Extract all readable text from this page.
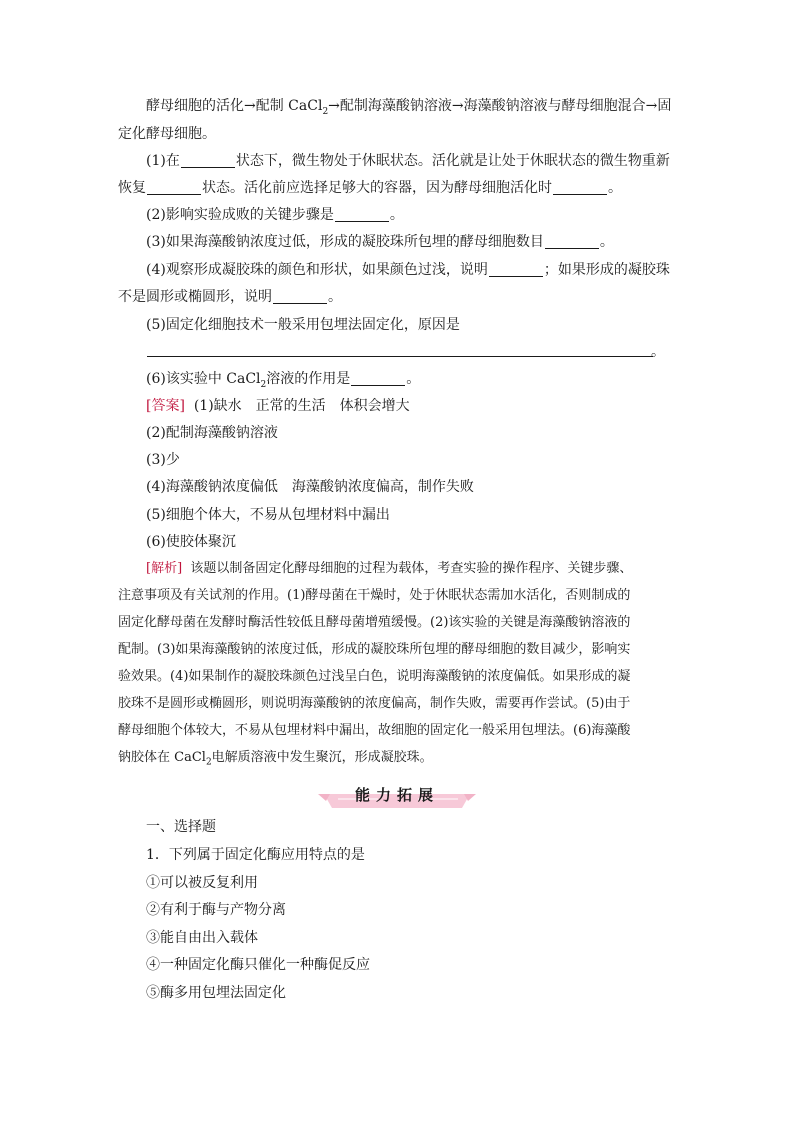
酵母细胞的活化→配制 CaCl$_2$→配制海藻酸钠溶液→海藻酸钠溶液与酵母细胞混合→固
定化酵母细胞。
(1)在	状态下，微生物处于休眠状态。活化就是让处于休眠状态的微生物重新
恢复	状态。活化前应选择足够大的容器，因为酵母细胞活化时	。
(2)影响实验成败的关键步骤是	。
(3)如果海藻酸钠浓度过低，形成的凝胶珠所包埋的酵母细胞数目	。
(4)观察形成凝胶珠的颜色和形状，如果颜色过浅，说明	；如果形成的凝胶珠
不是圆形或椭圆形，说明	。
(5)固定化细胞技术一般采用包埋法固定化，原因是
。
(6)该实验中 CaCl$_2$溶液的作用是	。
[答案] (1)缺水　正常的生活　体积会增大
(2)配制海藻酸钠溶液
(3)少
(4)海藻酸钠浓度偏低　海藻酸钠浓度偏高，制作失败
(5)细胞个体大，不易从包埋材料中漏出
(6)使胶体聚沉
[解析] 该题以制备固定化酵母细胞的过程为载体，考查实验的操作程序、关键步骤、
注意事项及有关试剂的作用。(1)酵母菌在干燥时，处于休眠状态需加水活化，否则制成的
固定化酵母菌在发酵时酶活性较低且酵母菌增殖缓慢。(2)该实验的关键是海藻酸钠溶液的
配制。(3)如果海藻酸钠的浓度过低，形成的凝胶珠所包埋的酵母细胞的数目减少，影响实
验效果。(4)如果制作的凝胶珠颜色过浅呈白色，说明海藻酸钠的浓度偏低。如果形成的凝
胶珠不是圆形或椭圆形，则说明海藻酸钠的浓度偏高，制作失败，需要再作尝试。(5)由于
酵母细胞个体较大，不易从包埋材料中漏出，故细胞的固定化一般采用包埋法。(6)海藻酸
钠胶体在 CaCl$_2$电解质溶液中发生聚沉，形成凝胶珠。
能力拓展
一、选择题
1．下列属于固定化酶应用特点的是
①可以被反复利用
②有利于酶与产物分离
③能自由出入载体
④一种固定化酶只催化一种酶促反应
⑤酶多用包埋法固定化
